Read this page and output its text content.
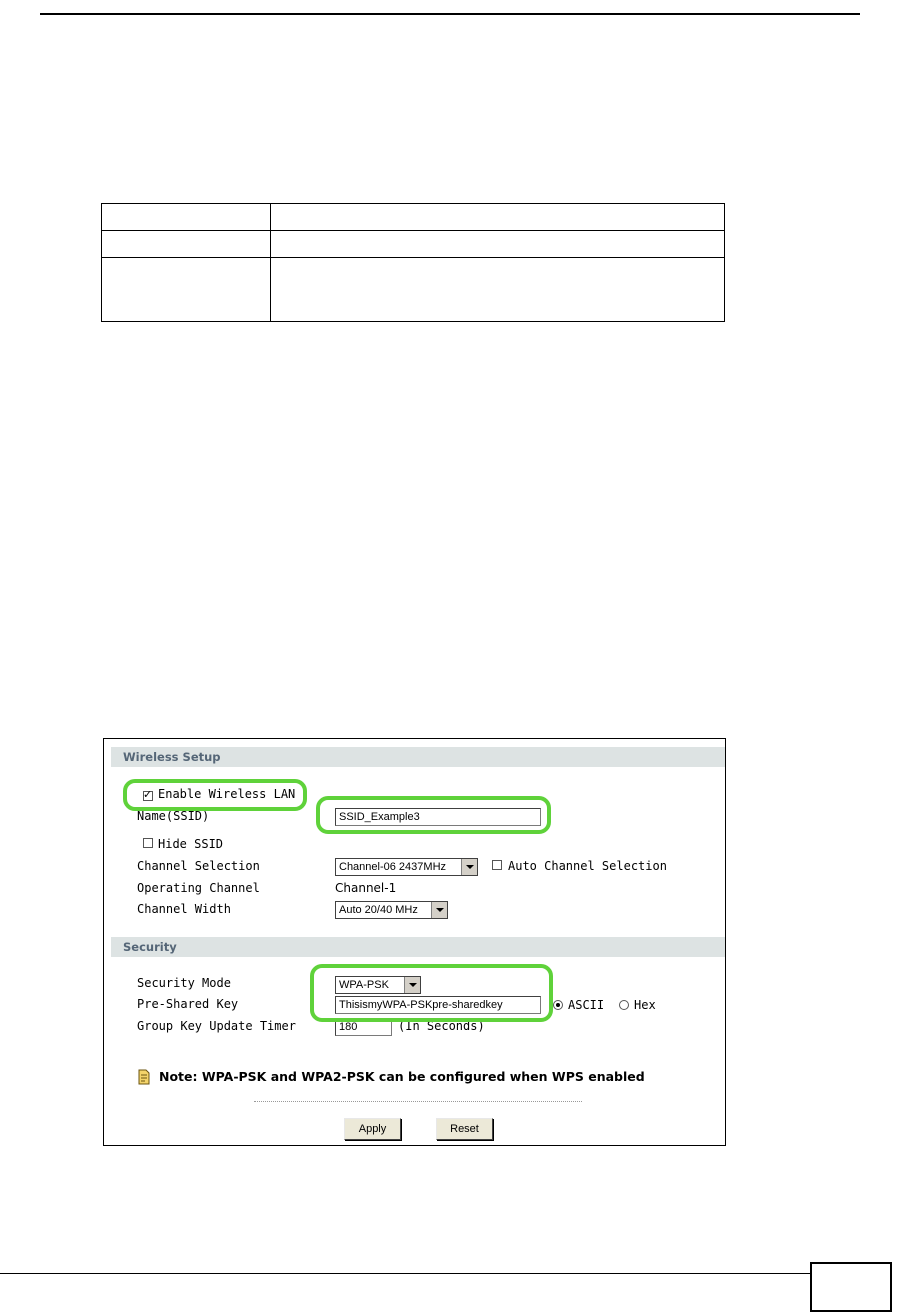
Wireless Setup
✓
Enable Wireless LAN
Name(SSID)	SSID_Example3
Hide SSID
Channel Selection	Channel-06 2437MHz	Auto Channel Selection
Operating Channel	Channel-1
Channel Width	Auto 20/40 MHz
Security
Security Mode	WPA-PSK
Pre-Shared Key	ThisismyWPA-PSKpre-sharedkey	ASCII Hex
Group Key Update Timer	180	(In Seconds)
Note: WPA-PSK and WPA2-PSK can be configured when WPS enabled
Apply	Reset
